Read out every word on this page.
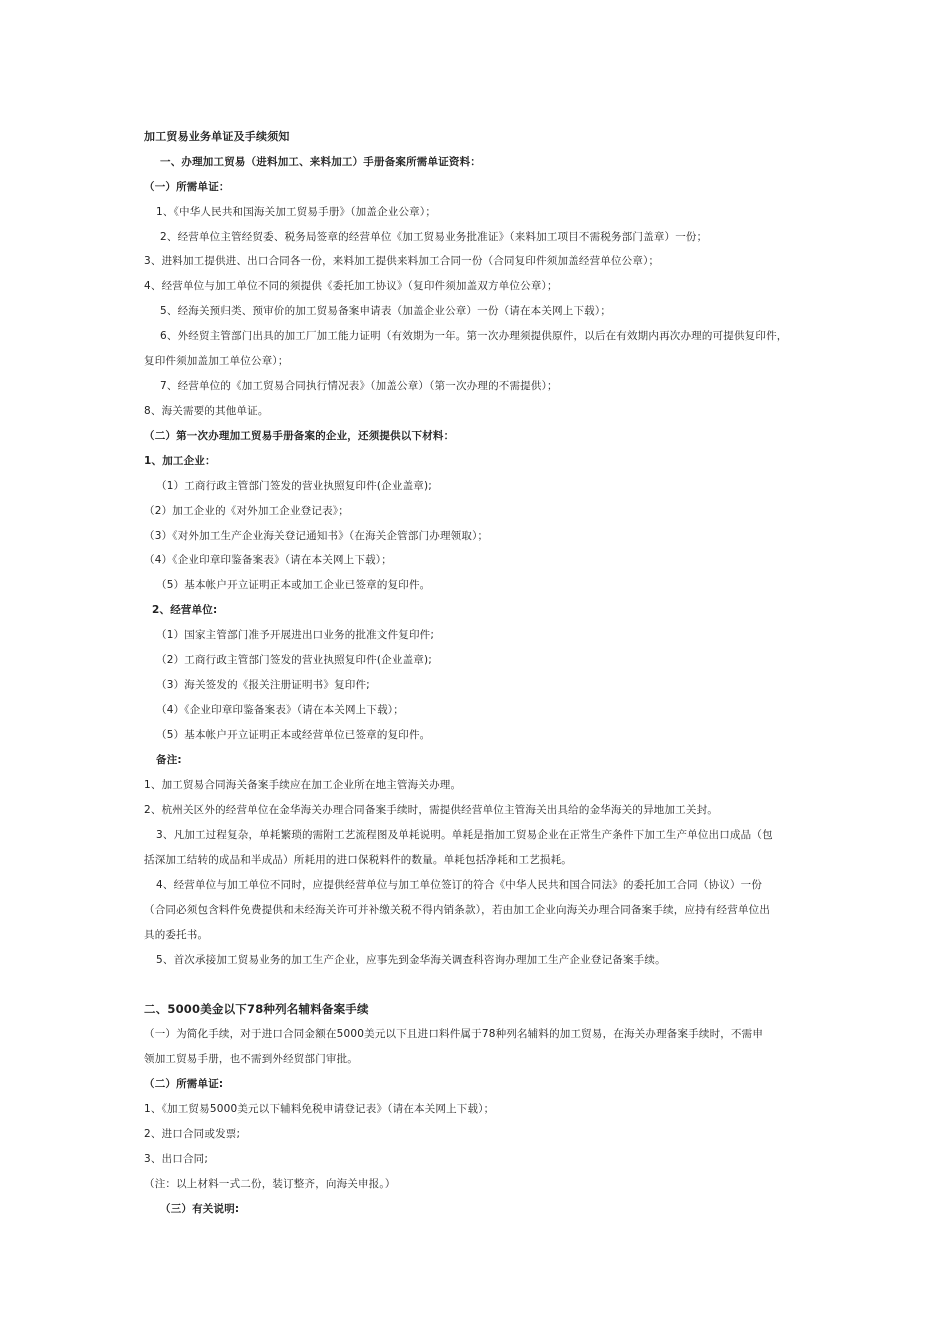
加工贸易业务单证及手续须知
一、办理加工贸易（进料加工、来料加工）手册备案所需单证资料：
（一）所需单证：
1、《中华人民共和国海关加工贸易手册》（加盖企业公章）；
2、经营单位主管经贸委、税务局签章的经营单位《加工贸易业务批准证》（来料加工项目不需税务部门盖章）一份；
3、进料加工提供进、出口合同各一份，来料加工提供来料加工合同一份（合同复印件须加盖经营单位公章）；
4、经营单位与加工单位不同的须提供《委托加工协议》（复印件须加盖双方单位公章）；
5、经海关预归类、预审价的加工贸易备案申请表（加盖企业公章）一份（请在本关网上下载）；
6、外经贸主管部门出具的加工厂加工能力证明（有效期为一年。第一次办理须提供原件，以后在有效期内再次办理的可提供复印件，
复印件须加盖加工单位公章）；
7、经营单位的《加工贸易合同执行情况表》（加盖公章）（第一次办理的不需提供）；
8、海关需要的其他单证。
（二）第一次办理加工贸易手册备案的企业，还须提供以下材料：
1、加工企业：
（1）工商行政主管部门签发的营业执照复印件(企业盖章);
（2）加工企业的《对外加工企业登记表》；
（3）《对外加工生产企业海关登记通知书》（在海关企管部门办理领取）；
（4）《企业印章印鉴备案表》（请在本关网上下载）；
（5）基本帐户开立证明正本或加工企业已签章的复印件。
2、经营单位:
（1）国家主管部门准予开展进出口业务的批准文件复印件;
（2）工商行政主管部门签发的营业执照复印件(企业盖章);
（3）海关签发的《报关注册证明书》复印件;
（4）《企业印章印鉴备案表》（请在本关网上下载）；
（5）基本帐户开立证明正本或经营单位已签章的复印件。
备注:
1、加工贸易合同海关备案手续应在加工企业所在地主管海关办理。
2、杭州关区外的经营单位在金华海关办理合同备案手续时，需提供经营单位主管海关出具给的金华海关的异地加工关封。
3、凡加工过程复杂，单耗繁琐的需附工艺流程图及单耗说明。单耗是指加工贸易企业在正常生产条件下加工生产单位出口成品（包
括深加工结转的成品和半成品）所耗用的进口保税料件的数量。单耗包括净耗和工艺损耗。
4、经营单位与加工单位不同时，应提供经营单位与加工单位签订的符合《中华人民共和国合同法》的委托加工合同（协议）一份
（合同必须包含料件免费提供和未经海关许可并补缴关税不得内销条款），若由加工企业向海关办理合同备案手续，应持有经营单位出
具的委托书。
5、首次承接加工贸易业务的加工生产企业，应事先到金华海关调查科咨询办理加工生产企业登记备案手续。
二、5000美金以下78种列名辅料备案手续
（一）为简化手续，对于进口合同金额在5000美元以下且进口料件属于78种列名辅料的加工贸易，在海关办理备案手续时，不需申
领加工贸易手册，也不需到外经贸部门审批。
（二）所需单证:
1、《加工贸易5000美元以下辅料免税申请登记表》（请在本关网上下载）；
2、进口合同或发票;
3、出口合同;
（注：以上材料一式二份，装订整齐，向海关申报。）
（三）有关说明:
